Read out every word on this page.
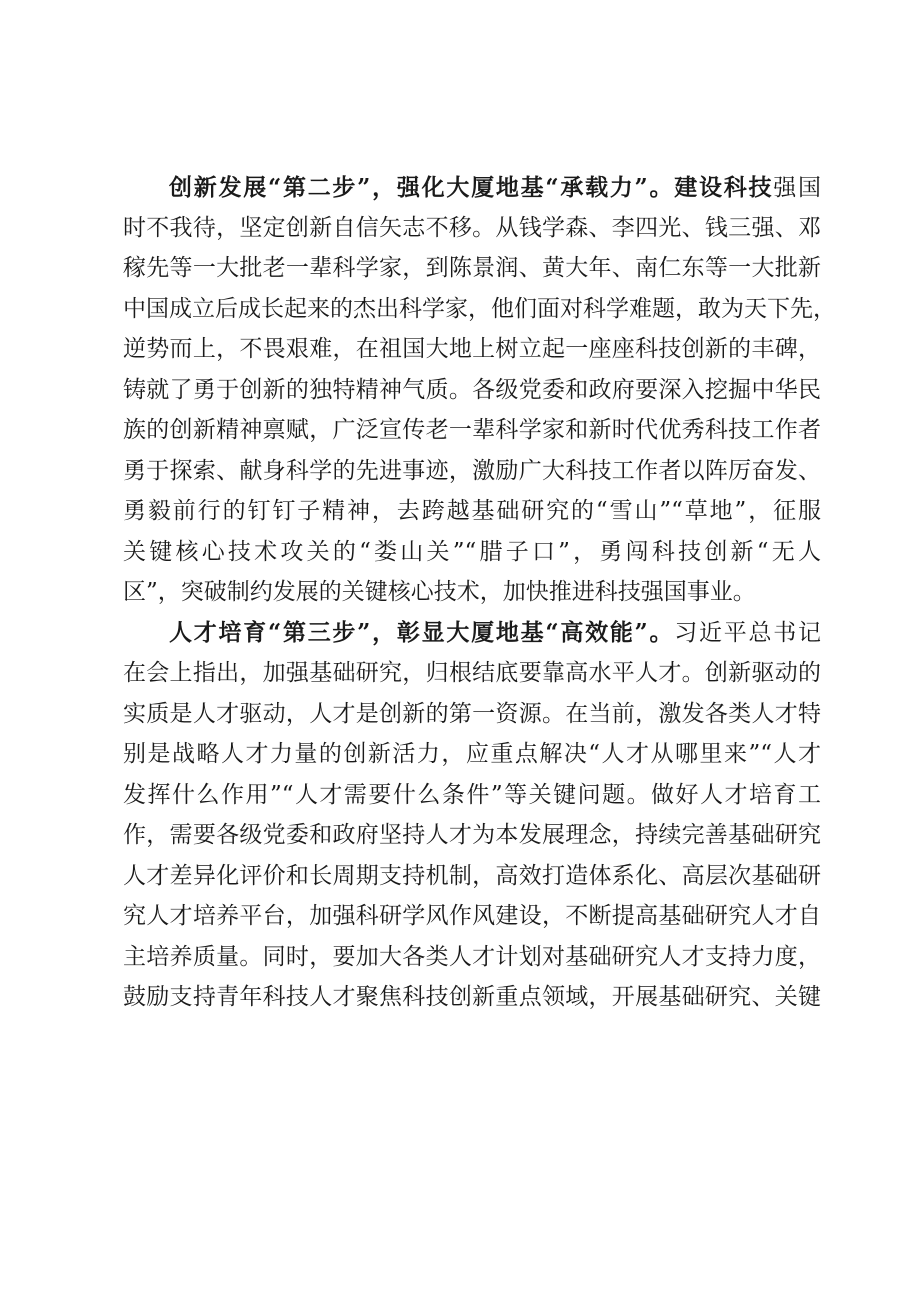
创新发展“第二步”，强化大厦地基“承载力”。建设科技强国
时不我待，坚定创新自信矢志不移。从钱学森、李四光、钱三强、邓
稼先等一大批老一辈科学家，到陈景润、黄大年、南仁东等一大批新
中国成立后成长起来的杰出科学家，他们面对科学难题，敢为天下先，
逆势而上，不畏艰难，在祖国大地上树立起一座座科技创新的丰碑，
铸就了勇于创新的独特精神气质。各级党委和政府要深入挖掘中华民
族的创新精神禀赋，广泛宣传老一辈科学家和新时代优秀科技工作者
勇于探索、献身科学的先进事迹，激励广大科技工作者以阵厉奋发、
勇毅前行的钉钉子精神，去跨越基础研究的“雪山”“草地”，征服
关键核心技术攻关的“娄山关”“腊子口”，勇闯科技创新“无人
区”，突破制约发展的关键核心技术，加快推进科技强国事业。
人才培育“第三步”，彰显大厦地基“高效能”。习近平总书记
在会上指出，加强基础研究，归根结底要靠高水平人才。创新驱动的
实质是人才驱动，人才是创新的第一资源。在当前，激发各类人才特
别是战略人才力量的创新活力，应重点解决“人才从哪里来”“人才
发挥什么作用”“人才需要什么条件”等关键问题。做好人才培育工
作，需要各级党委和政府坚持人才为本发展理念，持续完善基础研究
人才差异化评价和长周期支持机制，高效打造体系化、高层次基础研
究人才培养平台，加强科研学风作风建设，不断提高基础研究人才自
主培养质量。同时，要加大各类人才计划对基础研究人才支持力度，
鼓励支持青年科技人才聚焦科技创新重点领域，开展基础研究、关键
